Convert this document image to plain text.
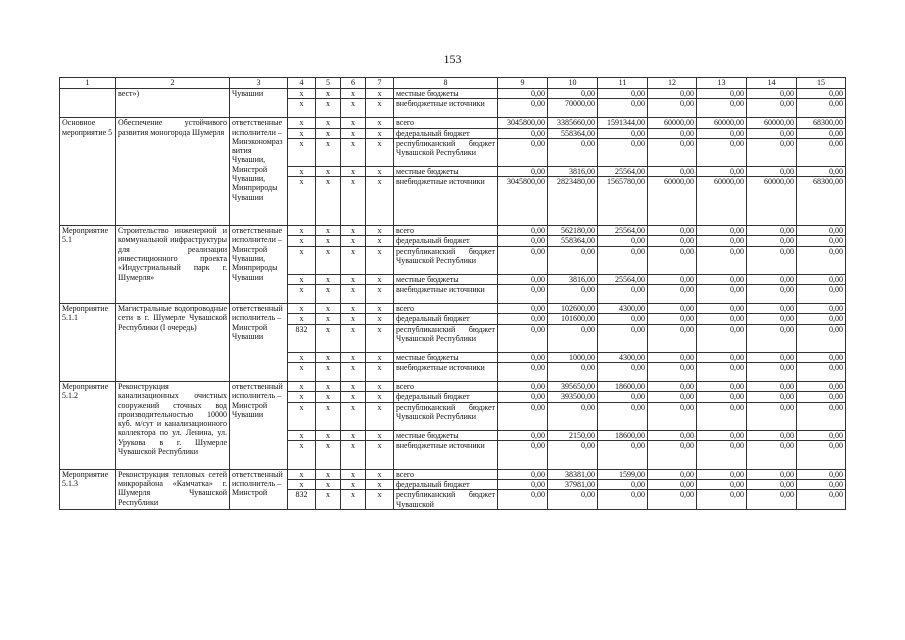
153
1	2	3	4	5	6	7	8	9	10	11	12	13	14	15
	вест»)	Чувашии	х	х	х	х	местные бюджеты	0,00	0,00	0,00	0,00	0,00	0,00	0,00
			х	х	х	х	внебюджетные источники	0,00	70000,00	0,00	0,00	0,00	0,00	0,00
Основное мероприятие 5	Обеспечение устойчивого развития моногорода Шумерля	ответственные исполнители – Минэкономразвития Чувашии, Минстрой Чувашии, Минприроды Чувашии	х	х	х	х	всего	3045800,00	3385660,00	1591344,00	60000,00	60000,00	60000,00	68300,00
			х	х	х	х	федеральный бюджет	0,00	558364,00	0,00	0,00	0,00	0,00	0,00
			х	х	х	х	республиканский бюджет Чувашской Республики	0,00	0,00	0,00	0,00	0,00	0,00	0,00
			х	х	х	х	местные бюджеты	0,00	3816,00	25564,00	0,00	0,00	0,00	0,00
			х	х	х	х	внебюджетные источники	3045800,00	2823480,00	1565780,00	60000,00	60000,00	60000,00	68300,00
Мероприятие 5.1	Строительство инженерной и коммунальной инфраструктуры для реализации инвестиционного проекта «Индустриальный парк г. Шумерля»	ответственные исполнители – Минстрой Чувашии, Минприроды Чувашии	х	х	х	х	всего	0,00	562180,00	25564,00	0,00	0,00	0,00	0,00
			х	х	х	х	федеральный бюджет	0,00	558364,00	0,00	0,00	0,00	0,00	0,00
			х	х	х	х	республиканский бюджет Чувашской Республики	0,00	0,00	0,00	0,00	0,00	0,00	0,00
			х	х	х	х	местные бюджеты	0,00	3816,00	25564,00	0,00	0,00	0,00	0,00
			х	х	х	х	внебюджетные источники	0,00	0,00	0,00	0,00	0,00	0,00	0,00
Мероприятие 5.1.1	Магистральные водопроводные сети в г. Шумерле Чувашской Республики (I очередь)	ответственный исполнитель – Минстрой Чувашии	х	х	х	х	всего	0,00	102600,00	4300,00	0,00	0,00	0,00	0,00
			х	х	х	х	федеральный бюджет	0,00	101600,00	0,00	0,00	0,00	0,00	0,00
			832	х	х	х	республиканский бюджет Чувашской Республики	0,00	0,00	0,00	0,00	0,00	0,00	0,00
			х	х	х	х	местные бюджеты	0,00	1000,00	4300,00	0,00	0,00	0,00	0,00
			х	х	х	х	внебюджетные источники	0,00	0,00	0,00	0,00	0,00	0,00	0,00
Мероприятие 5.1.2	Реконструкция канализационных очистных сооружений сточных вод производительностью 10000 куб. м/сут и канализационного коллектора по ул. Ленина, ул. Урукова в г. Шумерле Чувашской Республики	ответственный исполнитель – Минстрой Чувашии	х	х	х	х	всего	0,00	395650,00	18600,00	0,00	0,00	0,00	0,00
			х	х	х	х	федеральный бюджет	0,00	393500,00	0,00	0,00	0,00	0,00	0,00
			х	х	х	х	республиканский бюджет Чувашской Республики	0,00	0,00	0,00	0,00	0,00	0,00	0,00
			х	х	х	х	местные бюджеты	0,00	2150,00	18600,00	0,00	0,00	0,00	0,00
			х	х	х	х	внебюджетные источники	0,00	0,00	0,00	0,00	0,00	0,00	0,00
Мероприятие 5.1.3	Реконструкция тепловых сетей микрорайона «Камчатка» г. Шумерля Чувашской Республики	ответственный исполнитель – Минстрой	х	х	х	х	всего	0,00	38381,00	1599,00	0,00	0,00	0,00	0,00
			х	х	х	х	федеральный бюджет	0,00	37981,00	0,00	0,00	0,00	0,00	0,00
			832	х	х	х	республиканский бюджет Чувашской	0,00	0,00	0,00	0,00	0,00	0,00	0,00
